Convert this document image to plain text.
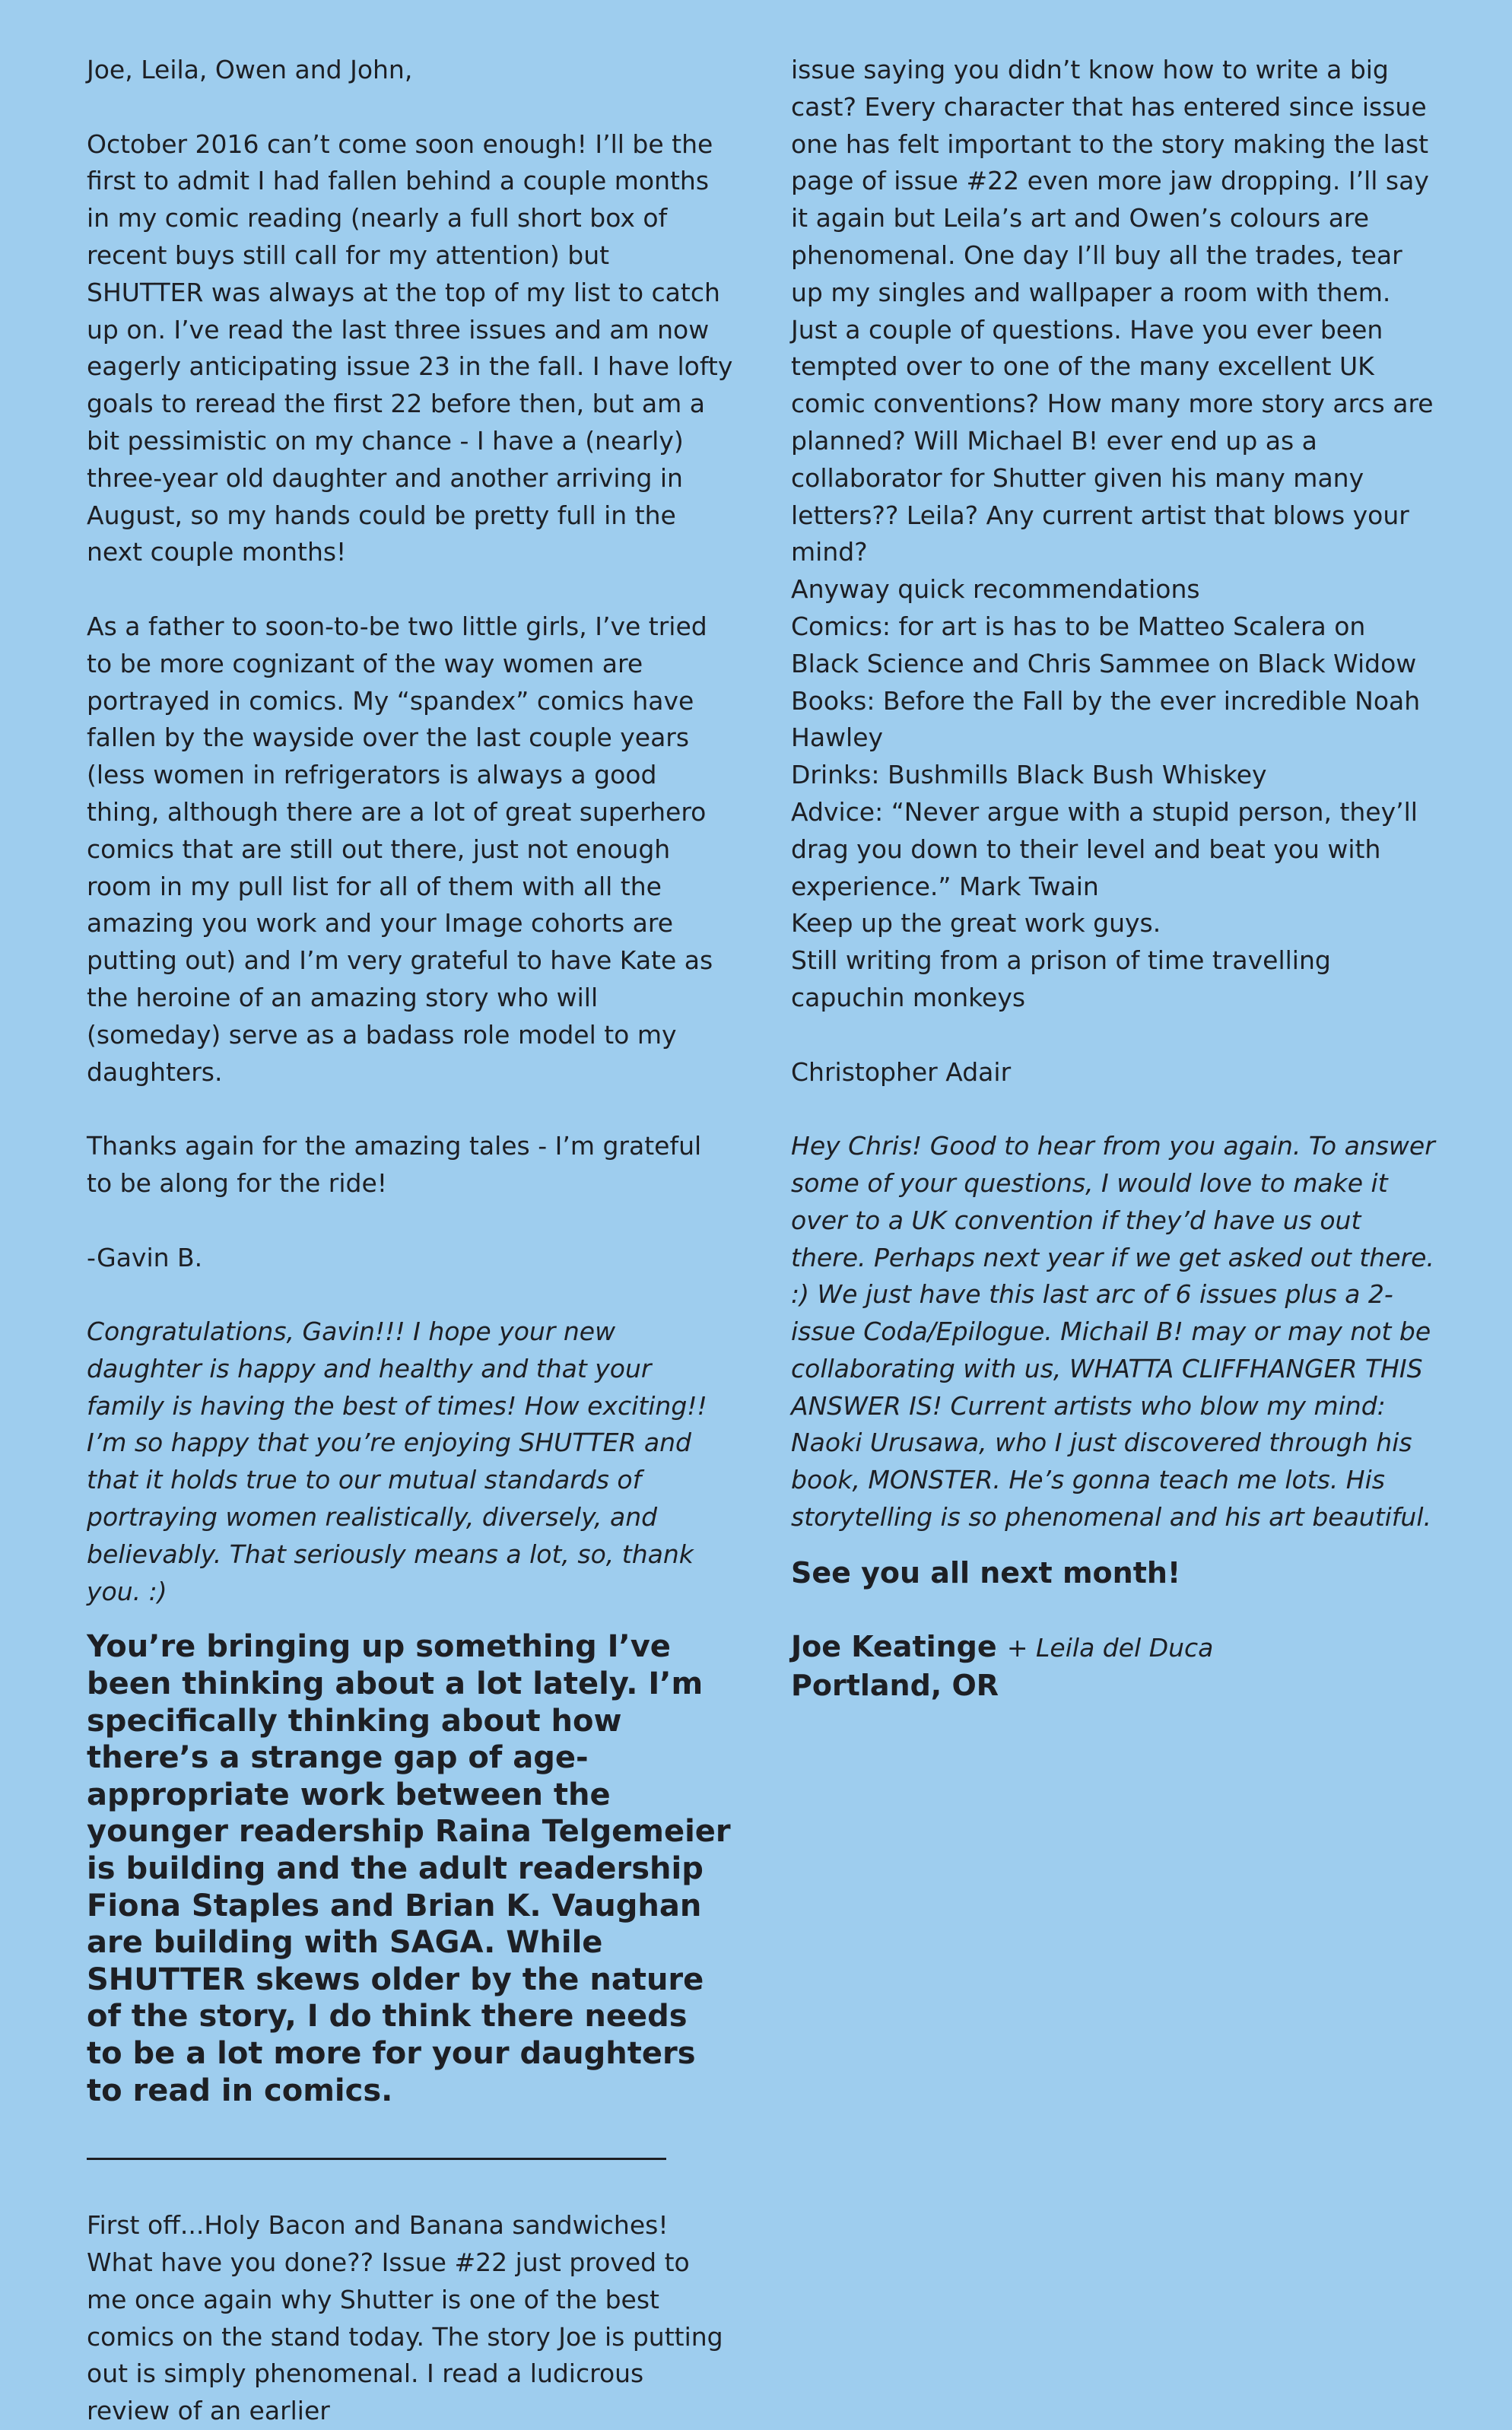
Joe, Leila, Owen and John,

October 2016 can’t come soon enough! I’ll be the first to admit I had fallen behind a couple months in my comic reading (nearly a full short box of recent buys still call for my attention) but SHUTTER was always at the top of my list to catch up on. I’ve read the last three issues and am now eagerly anticipating issue 23 in the fall. I have lofty goals to reread the first 22 before then, but am a bit pessimistic on my chance - I have a (nearly) three-year old daughter and another arriving in August, so my hands could be pretty full in the next couple months!

As a father to soon-to-be two little girls, I’ve tried to be more cognizant of the way women are portrayed in comics. My “spandex” comics have fallen by the wayside over the last couple years (less women in refrigerators is always a good thing, although there are a lot of great superhero comics that are still out there, just not enough room in my pull list for all of them with all the amazing you work and your Image cohorts are putting out) and I’m very grateful to have Kate as the heroine of an amazing story who will (someday) serve as a badass role model to my daughters.

Thanks again for the amazing tales - I’m grateful to be along for the ride!

-Gavin B.

Congratulations, Gavin!!! I hope your new daughter is happy and healthy and that your family is having the best of times! How exciting!! I’m so happy that you’re enjoying SHUTTER and that it holds true to our mutual standards of portraying women realistically, diversely, and believably. That seriously means a lot, so, thank you. :)

You’re bringing up something I’ve been thinking about a lot lately. I’m specifically thinking about how there’s a strange gap of age-appropriate work between the younger readership Raina Telgemeier is building and the adult readership Fiona Staples and Brian K. Vaughan are building with SAGA. While SHUTTER skews older by the nature of the story, I do think there needs to be a lot more for your daughters to read in comics.

First off...Holy Bacon and Banana sandwiches! What have you done?? Issue #22 just proved to me once again why Shutter is one of the best comics on the stand today. The story Joe is putting out is simply phenomenal. I read a ludicrous review of an earlier

issue saying you didn’t know how to write a big cast? Every character that has entered since issue one has felt important to the story making the last page of issue #22 even more jaw dropping. I’ll say it again but Leila’s art and Owen’s colours are phenomenal. One day I’ll buy all the trades, tear up my singles and wallpaper a room with them. Just a couple of questions. Have you ever been tempted over to one of the many excellent UK comic conventions? How many more story arcs are planned? Will Michael B! ever end up as a collaborator for Shutter given his many many letters?? Leila? Any current artist that blows your mind?

Anyway quick recommendations

Comics: for art is has to be Matteo Scalera on Black Science and Chris Sammee on Black Widow

Books: Before the Fall by the ever incredible Noah Hawley

Drinks: Bushmills Black Bush Whiskey

Advice: “Never argue with a stupid person, they’ll drag you down to their level and beat you with experience.” Mark Twain

Keep up the great work guys.

Still writing from a prison of time travelling capuchin monkeys

Christopher Adair

Hey Chris! Good to hear from you again. To answer some of your questions, I would love to make it over to a UK convention if they’d have us out there. Perhaps next year if we get asked out there. :) We just have this last arc of 6 issues plus a 2-issue Coda/Epilogue. Michail B! may or may not be collaborating with us, WHATTA CLIFFHANGER THIS ANSWER IS! Current artists who blow my mind: Naoki Urusawa, who I just discovered through his book, MONSTER. He’s gonna teach me lots. His storytelling is so phenomenal and his art beautiful.

See you all next month!

Joe Keatinge + Leila del Duca

Portland, OR
